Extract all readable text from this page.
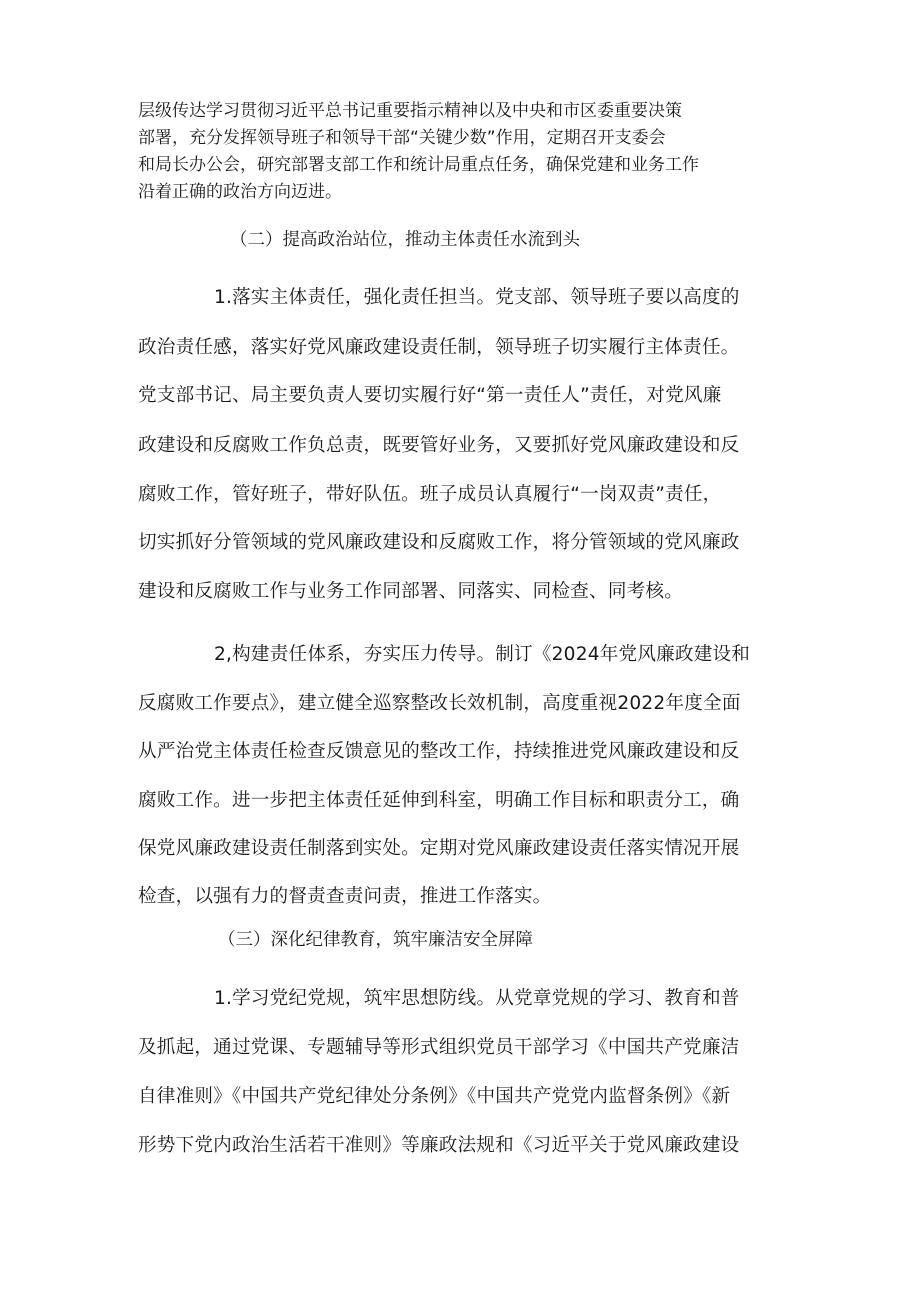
层级传达学习贯彻习近平总书记重要指示精神以及中央和市区委重要决策
部署，充分发挥领导班子和领导干部“关键少数”作用，定期召开支委会
和局长办公会，研究部署支部工作和统计局重点任务，确保党建和业务工作
沿着正确的政治方向迈进。
（二）提高政治站位，推动主体责任水流到头
1.落实主体责任，强化责任担当。党支部、领导班子要以高度的
政治责任感，落实好党风廉政建设责任制，领导班子切实履行主体责任。
党支部书记、局主要负责人要切实履行好“第一责任人”责任，对党风廉
政建设和反腐败工作负总责，既要管好业务，又要抓好党风廉政建设和反
腐败工作，管好班子，带好队伍。班子成员认真履行“一岗双责”责任，
切实抓好分管领域的党风廉政建设和反腐败工作，将分管领域的党风廉政
建设和反腐败工作与业务工作同部署、同落实、同检查、同考核。
2,构建责任体系，夯实压力传导。制订《2024年党风廉政建设和
反腐败工作要点》，建立健全巡察整改长效机制，高度重视2022年度全面
从严治党主体责任检查反馈意见的整改工作，持续推进党风廉政建设和反
腐败工作。进一步把主体责任延伸到科室，明确工作目标和职责分工，确
保党风廉政建设责任制落到实处。定期对党风廉政建设责任落实情况开展
检查，以强有力的督责查责问责，推进工作落实。
（三）深化纪律教育，筑牢廉洁安全屏障
1.学习党纪党规，筑牢思想防线。从党章党规的学习、教育和普
及抓起，通过党课、专题辅导等形式组织党员干部学习《中国共产党廉洁
自律准则》《中国共产党纪律处分条例》《中国共产党党内监督条例》《新
形势下党内政治生活若干准则》等廉政法规和《习近平关于党风廉政建设
